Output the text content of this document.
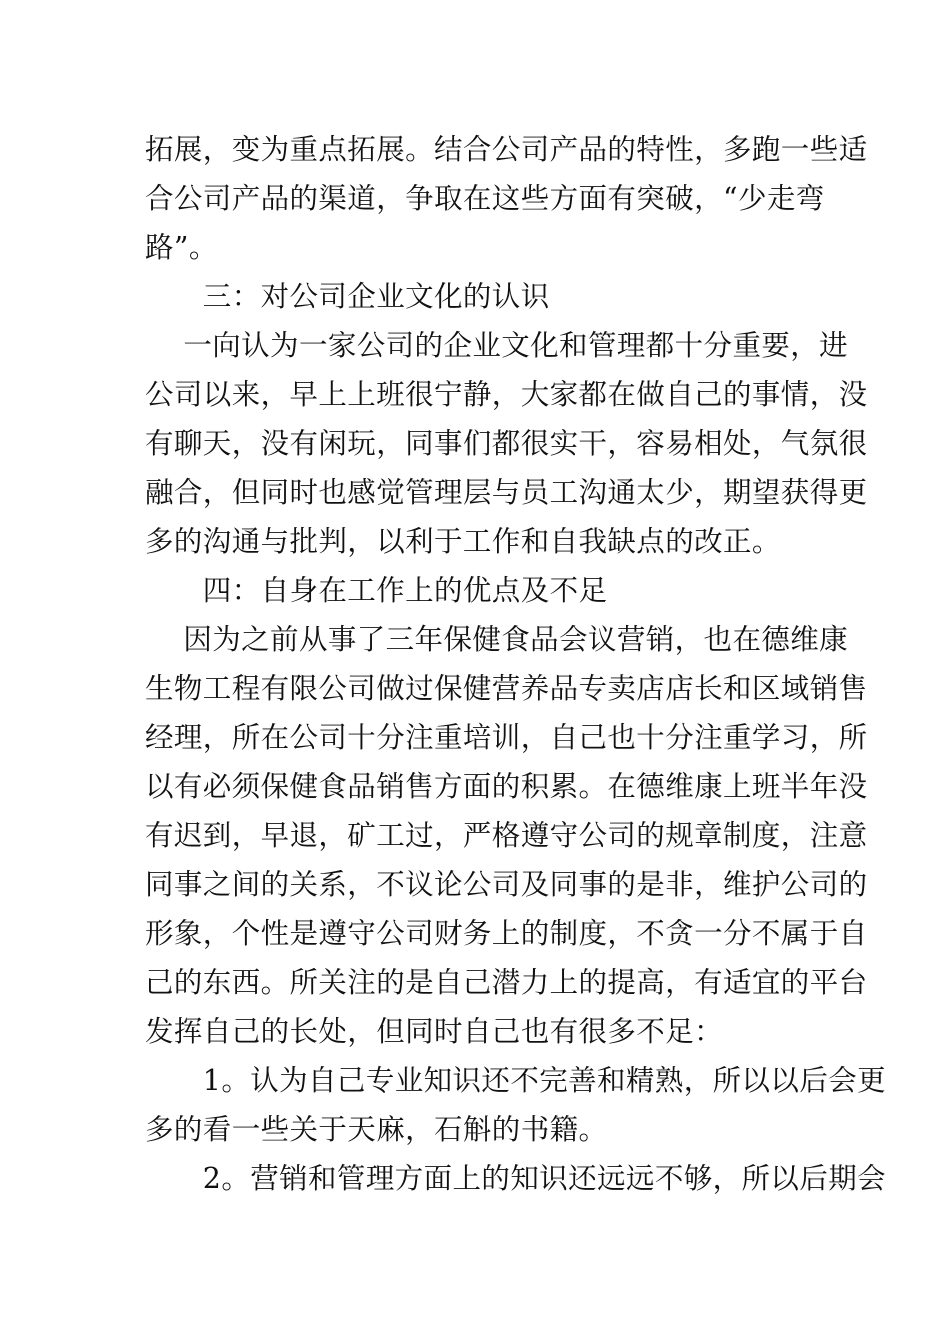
拓展，变为重点拓展。结合公司产品的特性，多跑一些适
合公司产品的渠道，争取在这些方面有突破，“少走弯
路”。
　　三：对公司企业文化的认识
　 一向认为一家公司的企业文化和管理都十分重要，进
公司以来，早上上班很宁静，大家都在做自己的事情，没
有聊天，没有闲玩，同事们都很实干，容易相处，气氛很
融合，但同时也感觉管理层与员工沟通太少，期望获得更
多的沟通与批判，以利于工作和自我缺点的改正。
　　四：自身在工作上的优点及不足
　 因为之前从事了三年保健食品会议营销，也在德维康
生物工程有限公司做过保健营养品专卖店店长和区域销售
经理，所在公司十分注重培训，自己也十分注重学习，所
以有必须保健食品销售方面的积累。在德维康上班半年没
有迟到，早退，矿工过，严格遵守公司的规章制度，注意
同事之间的关系，不议论公司及同事的是非，维护公司的
形象，个性是遵守公司财务上的制度，不贪一分不属于自
己的东西。所关注的是自己潜力上的提高，有适宜的平台
发挥自己的长处，但同时自己也有很多不足：
　　1。认为自己专业知识还不完善和精熟，所以以后会更
多的看一些关于天麻，石斛的书籍。
　　2。营销和管理方面上的知识还远远不够，所以后期会
